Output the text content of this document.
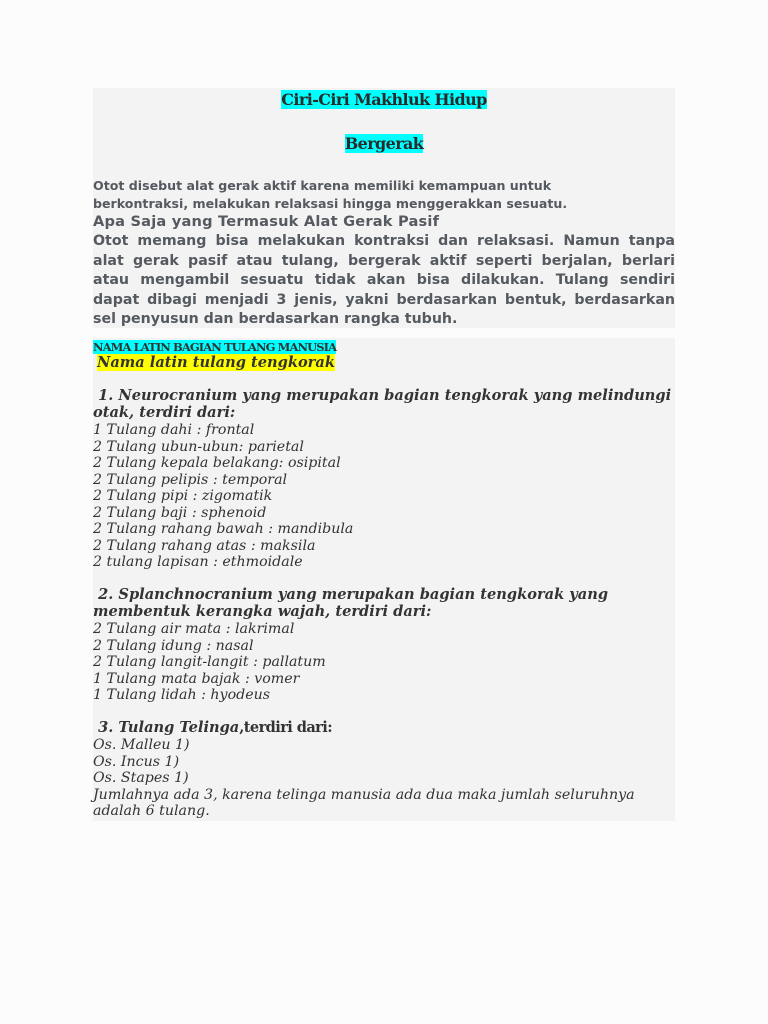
Ciri-Ciri Makhluk Hidup
Bergerak
Otot disebut alat gerak aktif karena memiliki kemampuan untuk
berkontraksi, melakukan relaksasi hingga menggerakkan sesuatu.
Apa Saja yang Termasuk Alat Gerak Pasif
Otot memang bisa melakukan kontraksi dan relaksasi. Namun tanpa alat gerak pasif atau tulang, bergerak aktif seperti berjalan, berlari atau mengambil sesuatu tidak akan bisa dilakukan. Tulang sendiri dapat dibagi menjadi 3 jenis, yakni berdasarkan bentuk, berdasarkan sel penyusun dan berdasarkan rangka tubuh.
NAMA LATIN BAGIAN TULANG MANUSIA
Nama latin tulang tengkorak
1. Neurocranium yang merupakan bagian tengkorak yang melindungi otak, terdiri dari:
1 Tulang dahi : frontal
2 Tulang ubun-ubun: parietal
2 Tulang kepala belakang: osipital
2 Tulang pelipis : temporal
2 Tulang pipi : zigomatik
2 Tulang baji : sphenoid
2 Tulang rahang bawah : mandibula
2 Tulang rahang atas : maksila
2 tulang lapisan : ethmoidale
2. Splanchnocranium yang merupakan bagian tengkorak yang membentuk kerangka wajah, terdiri dari:
2 Tulang air mata : lakrimal
2 Tulang idung : nasal
2 Tulang langit-langit : pallatum
1 Tulang mata bajak : vomer
1 Tulang lidah : hyodeus
3. Tulang Telinga,terdiri dari:
Os. Malleu 1)
Os. Incus 1)
Os. Stapes 1)
Jumlahnya ada 3, karena telinga manusia ada dua maka jumlah seluruhnya adalah 6 tulang.
